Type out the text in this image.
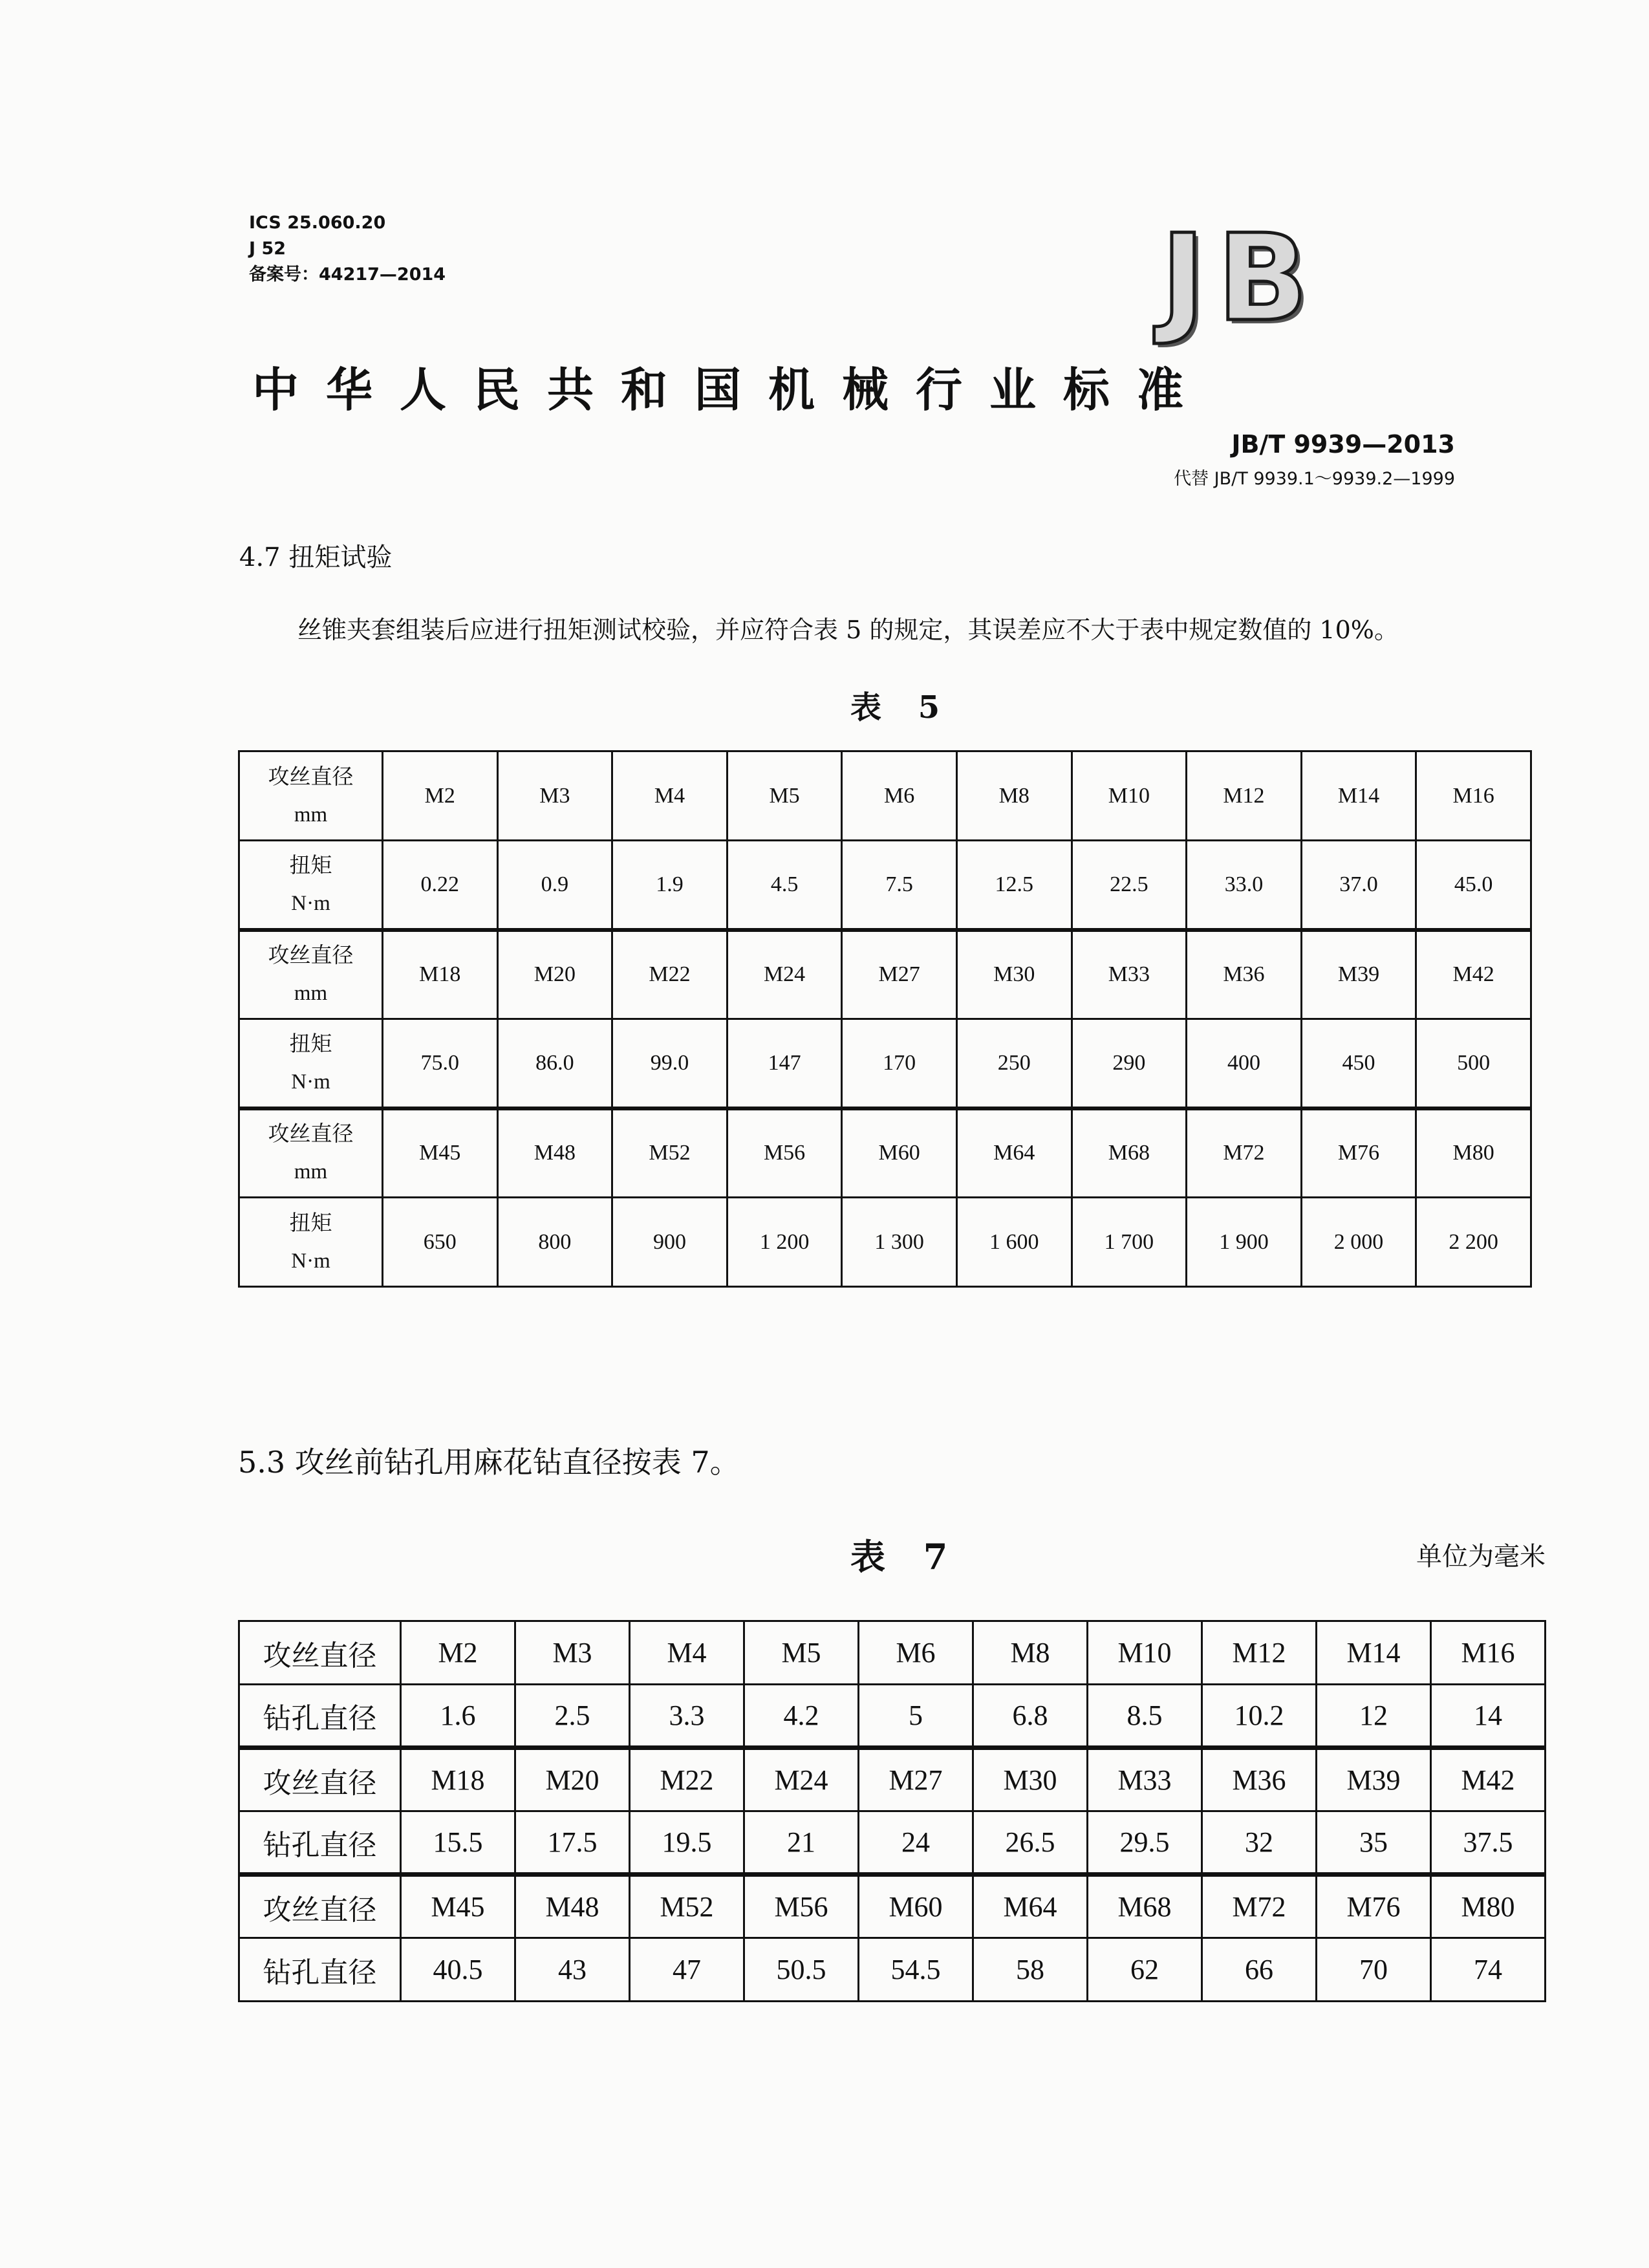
ICS 25.060.20
J 52
备案号：44217—2014	JB
中华人民共和国机械行业标准
JB/T 9939—2013
代替 JB/T 9939.1～9939.2—1999
4.7 扭矩试验
丝锥夹套组装后应进行扭矩测试校验，并应符合表 5 的规定，其误差应不大于表中规定数值的 10%。
表 5
攻丝直径
mm	M2	M3	M4	M5	M6	M8	M10	M12	M14	M16

扭矩
N·m	0.22	0.9	1.9	4.5	7.5	12.5	22.5	33.0	37.0	45.0

攻丝直径
mm	M18	M20	M22	M24	M27	M30	M33	M36	M39	M42

扭矩
N·m	75.0	86.0	99.0	147	170	250	290	400	450	500

攻丝直径
mm	M45	M48	M52	M56	M60	M64	M68	M72	M76	M80

扭矩
N·m	650	800	900	1 200	1 300	1 600	1 700	1 900	2 000	2 200
5.3 攻丝前钻孔用麻花钻直径按表 7。
表 7	单位为毫米
攻丝直径	M2	M3	M4	M5	M6	M8	M10	M12	M14	M16
钻孔直径	1.6	2.5	3.3	4.2	5	6.8	8.5	10.2	12	14
攻丝直径	M18	M20	M22	M24	M27	M30	M33	M36	M39	M42
钻孔直径	15.5	17.5	19.5	21	24	26.5	29.5	32	35	37.5
攻丝直径	M45	M48	M52	M56	M60	M64	M68	M72	M76	M80
钻孔直径	40.5	43	47	50.5	54.5	58	62	66	70	74
